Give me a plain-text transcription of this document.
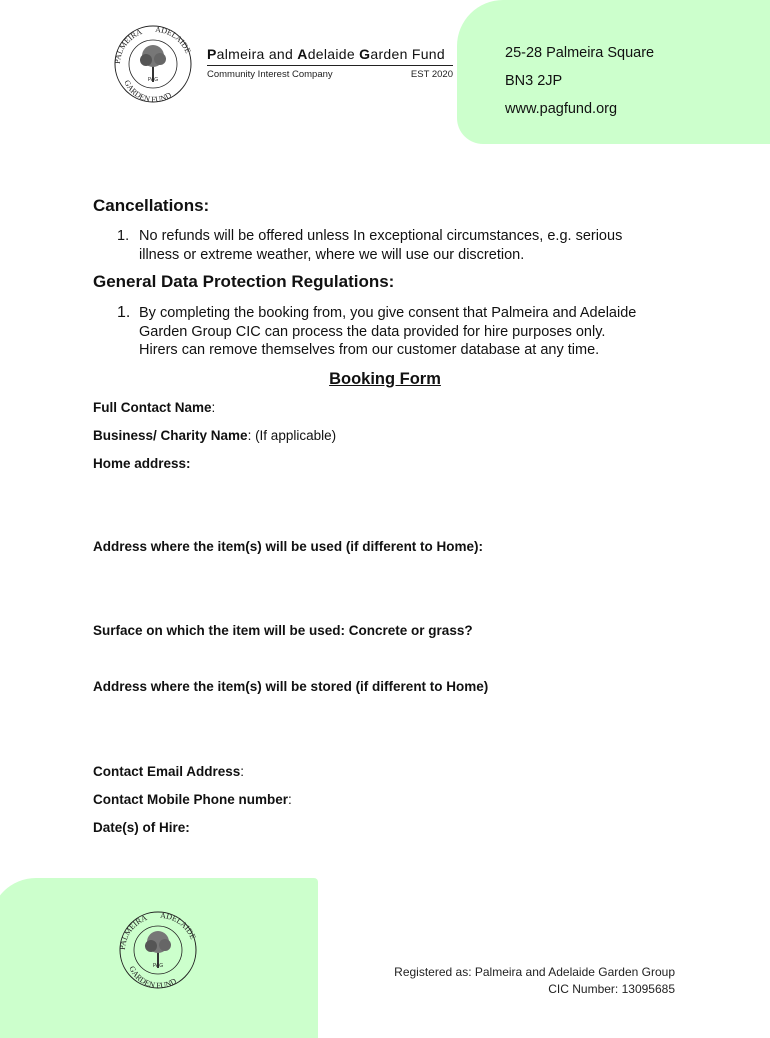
PALMEIRA ADELAIDE
GARDEN FUND
PAG
Palmeira and Adelaide Garden Fund
Community Interest Company	EST 2020
25-28 Palmeira Square
BN3 2JP
www.pagfund.org
Cancellations:
1. No refunds will be offered unless In exceptional circumstances, e.g. serious
illness or extreme weather, where we will use our discretion.
General Data Protection Regulations:
1. By completing the booking from, you give consent that Palmeira and Adelaide
Garden Group CIC can process the data provided for hire purposes only.
Hirers can remove themselves from our customer database at any time.
Booking Form
Full Contact Name:
Business/ Charity Name: (If applicable)
Home address:
Address where the item(s) will be used (if different to Home):
Surface on which the item will be used: Concrete or grass?
Address where the item(s) will be stored (if different to Home)
Contact Email Address:
Contact Mobile Phone number:
Date(s) of Hire:
PALMEIRA ADELAIDE
GARDEN FUND
PAG	Registered as: Palmeira and Adelaide Garden Group
CIC Number: 13095685
